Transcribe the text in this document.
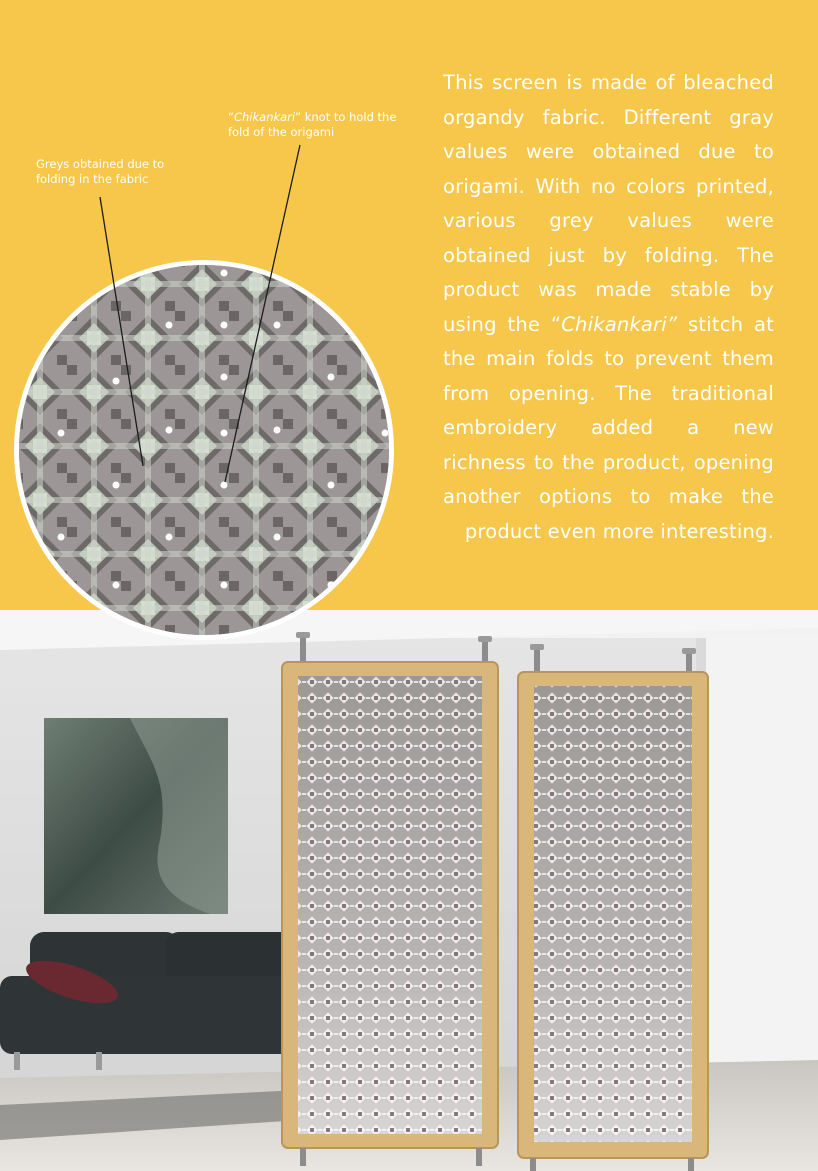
“Chikankari” knot to hold the fold of the origami
Greys obtained due to folding in the fabric
This screen is made of bleached
organdy fabric. Different gray
values were obtained due to
origami. With no colors printed,
various grey values were
obtained just by folding. The
product was made stable by
using the “Chikankari” stitch at
the main folds to prevent them
from opening. The traditional
embroidery added a new
richness to the product, opening
another options to make the
product even more interesting.
